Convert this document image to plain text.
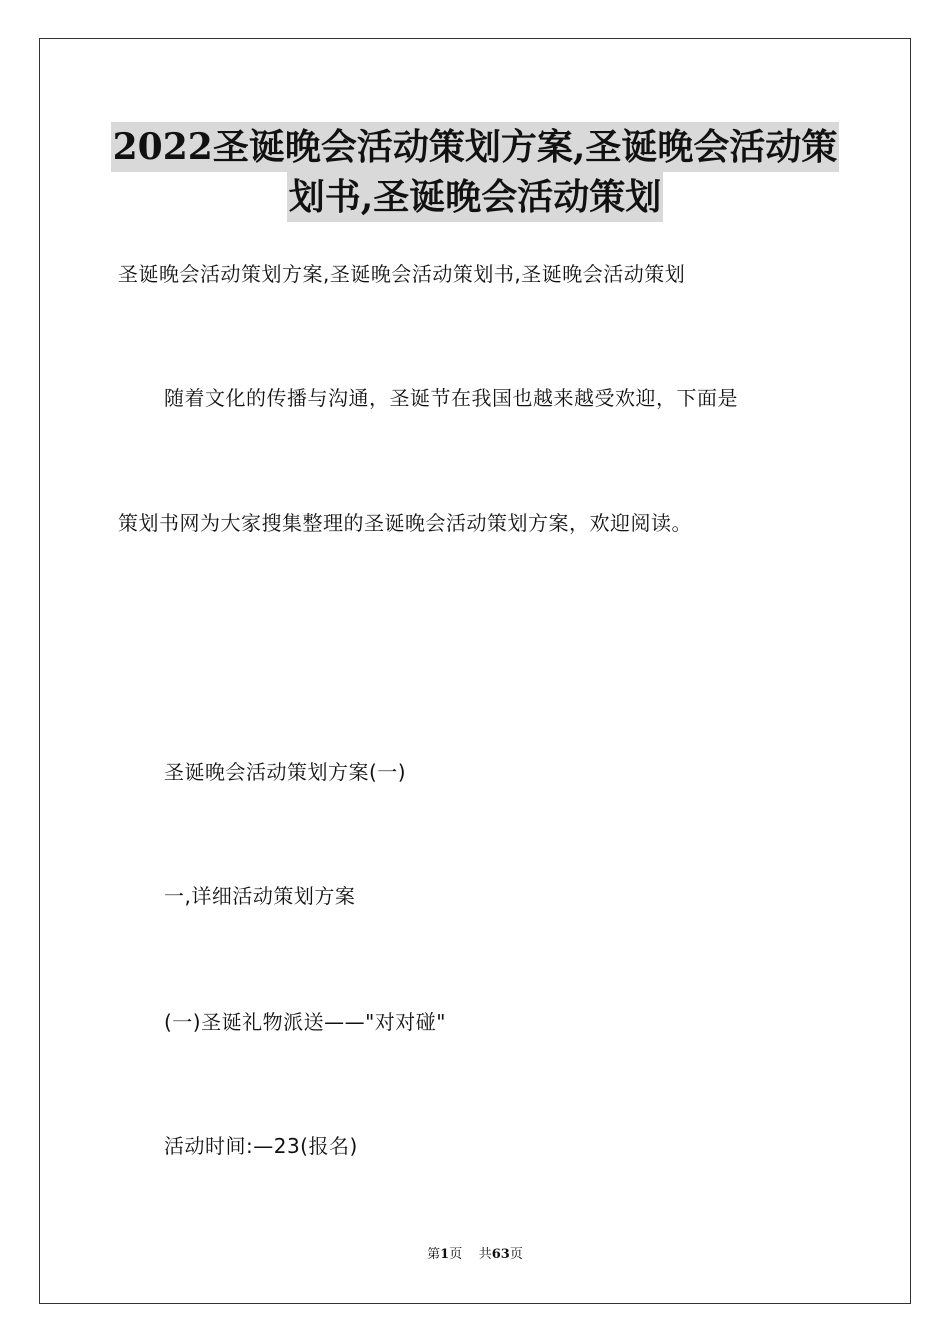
2022圣诞晚会活动策划方案,圣诞晚会活动策
划书,圣诞晚会活动策划
圣诞晚会活动策划方案,圣诞晚会活动策划书,圣诞晚会活动策划
随着文化的传播与沟通，圣诞节在我国也越来越受欢迎，下面是
策划书网为大家搜集整理的圣诞晚会活动策划方案，欢迎阅读。
圣诞晚会活动策划方案(一)
一,详细活动策划方案
(一)圣诞礼物派送——"对对碰"
活动时间:—23(报名)
第1页 共63页
